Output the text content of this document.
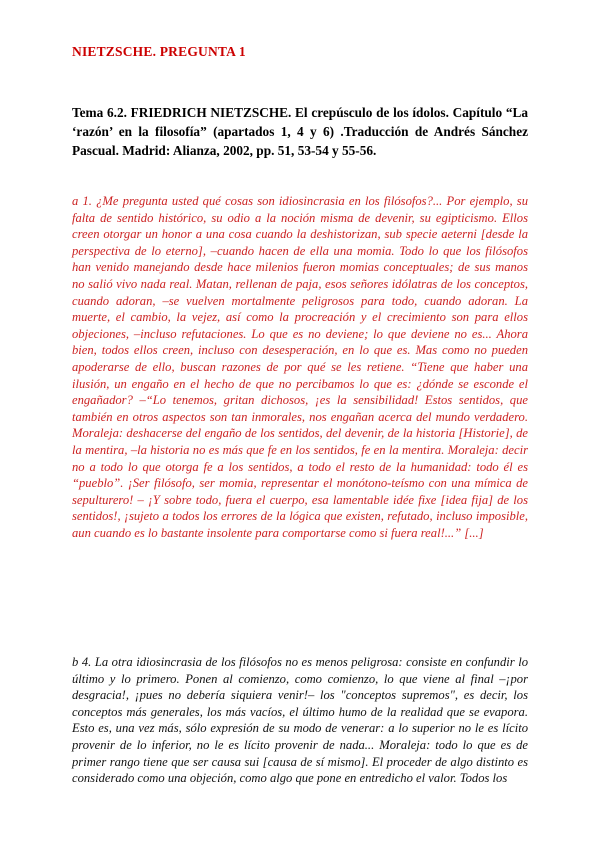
NIETZSCHE. PREGUNTA 1
Tema 6.2. FRIEDRICH NIETZSCHE. El crepúsculo de los ídolos. Capítulo “La ‘razón’ en la filosofía” (apartados 1, 4 y 6) .Traducción de Andrés Sánchez Pascual. Madrid: Alianza, 2002, pp. 51, 53-54 y 55-56.

a 1. ¿Me pregunta usted qué cosas son idiosincrasia en los filósofos?... Por ejemplo, su falta de sentido histórico, su odio a la noción misma de devenir, su egipticismo. Ellos creen otorgar un honor a una cosa cuando la deshistorizan, sub specie aeterni [desde la perspectiva de lo eterno], –cuando hacen de ella una momia. Todo lo que los filósofos han venido manejando desde hace milenios fueron momias conceptuales; de sus manos no salió vivo nada real. Matan, rellenan de paja, esos señores idólatras de los conceptos, cuando adoran, –se vuelven mortalmente peligrosos para todo, cuando adoran. La muerte, el cambio, la vejez, así como la procreación y el crecimiento son para ellos objeciones, –incluso refutaciones. Lo que es no deviene; lo que deviene no es... Ahora bien, todos ellos creen, incluso con desesperación, en lo que es. Mas como no pueden apoderarse de ello, buscan razones de por qué se les retiene. “Tiene que haber una ilusión, un engaño en el hecho de que no percibamos lo que es: ¿dónde se esconde el engañador? –“Lo tenemos, gritan dichosos, ¡es la sensibilidad! Estos sentidos, que también en otros aspectos son tan inmorales, nos engañan acerca del mundo verdadero. Moraleja: deshacerse del engaño de los sentidos, del devenir, de la historia [Historie], de la mentira, –la historia no es más que fe en los sentidos, fe en la mentira. Moraleja: decir no a todo lo que otorga fe a los sentidos, a todo el resto de la humanidad: todo él es “pueblo”. ¡Ser filósofo, ser momia, representar el monótono-teísmo con una mímica de sepulturero! – ¡Y sobre todo, fuera el cuerpo, esa lamentable idée fixe [idea fija] de los sentidos!, ¡sujeto a todos los errores de la lógica que existen, refutado, incluso imposible, aun cuando es lo bastante insolente para comportarse como si fuera real!...” [...]

b 4. La otra idiosincrasia de los filósofos no es menos peligrosa: consiste en confundir lo último y lo primero. Ponen al comienzo, como comienzo, lo que viene al final –¡por desgracia!, ¡pues no debería siquiera venir!– los "conceptos supremos", es decir, los conceptos más generales, los más vacíos, el último humo de la realidad que se evapora. Esto es, una vez más, sólo expresión de su modo de venerar: a lo superior no le es lícito provenir de lo inferior, no le es lícito provenir de nada... Moraleja: todo lo que es de primer rango tiene que ser causa sui [causa de sí mismo]. El proceder de algo distinto es considerado como una objeción, como algo que pone en entredicho el valor. Todos los
